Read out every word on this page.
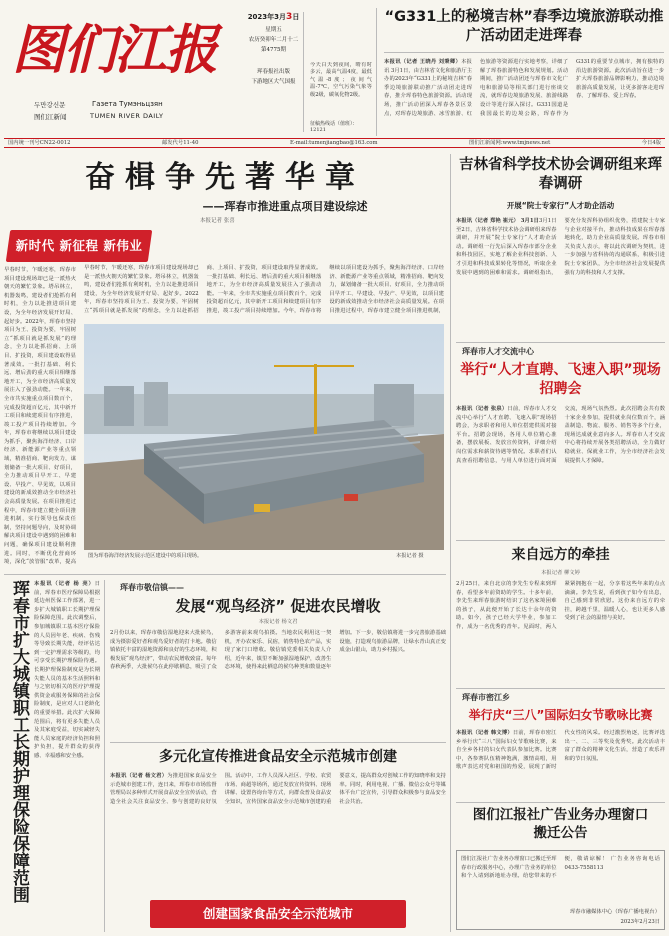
图们江报
두만강신문	Газета Тумэньцзян
图们江新闻	TUMEN RIVER DAILY
2023年3月3日
星期五
农历癸卯年二月十二
第4775期
珲春报社出版
下游地区大气国报
今天白天到夜间，晴有时多云，最高气温4度，最低气温-8度；夜间气温-7℃，空气污染气象等级2级，碳氧化物2级。
征稿热线话（值班）：12121
“G331上的秘境吉林”春季边境旅游联动推广活动团走进珲春
本报讯（记者 王晓丹 刘秉卿）本报讯 3月1日，由吉林省文化和旅游厅主办的2023年“G331上的秘境吉林”春季边境旅游联动推广活动团走进珲春，推介珲春特色旅游资源。活动现场，推广活动团深入珲春各景区景点，对珲春边境旅游、冰雪旅游、红色旅游等资源进行实地考察，详细了解了珲春旅游特色和发展规划。活动期间，推广活动团还与珲春市文化广电和旅游局等相关部门进行座谈交流，就珲春边境旅游发展、旅游线路设计等进行深入探讨。G331国道是我国最长的边境公路，珲春作为G331的重要节点城市，拥有独特的沿边旅游资源。此次活动旨在进一步扩大珲春旅游品牌影响力，推动边境旅游高质量发展，让更多游客走进珲春、了解珲春、爱上珲春。
国内统一刊号CN22-0012	邮发代号11-40	E-mail:tumenjiangbao@163.com	图们江新闻网:www.tmjnews.net	今日4版
奋楫争先著华章
——珲春市推进重点项目建设综述
本报记者 张喜
新时代 新征程 新伟业
早春时节，乍暖还寒，珲春市项目建设现场却已是一派热火朝天的繁忙景象。塔吊林立，机器轰鸣，建设者们抢抓有利时机，全力以赴推进项目建设，为全年经济发展开好局、起好步。2022年，珲春市坚持项目为王、投资为要，牢固树立“抓项目就是抓发展”的理念，全力以赴抓招商、上项目、扩投资，项目建设取得显著成效。一批打基础、利长远、增后劲的重大项目相继落地开工，为全市经济高质量发展注入了强劲动能。一年来，全市共实施重点项目数百个，完成投资超百亿元，其中新开工项目和续建项目有序推进，竣工投产项目持续增加。今年，珲春市将继续以项目建设为抓手，聚焦海洋经济、口岸经济、新能源产业等重点领域，精准招商、靶向发力，谋划储备一批大项目、好项目，全力推动项目早开工、早建设、早投产、早见效，以项目建设的新成效推动全市经济社会高质量发展。在项目推进过程中，珲春市建立健全项目推进机制，实行领导包保责任制，坚持问题导向，及时协调解决项目建设中遇到的困难和问题，确保项目建设顺利推进。同时，不断优化营商环境，深化“放管服”改革，提高
早春时节，乍暖还寒，珲春市项目建设现场却已是一派热火朝天的繁忙景象。塔吊林立，机器轰鸣，建设者们抢抓有利时机，全力以赴推进项目建设，为全年经济发展开好局、起好步。2022年，珲春市坚持项目为王、投资为要，牢固树立“抓项目就是抓发展”的理念，全力以赴抓招商、上项目、扩投资，项目建设取得显著成效。一批打基础、利长远、增后劲的重大项目相继落地开工，为全市经济高质量发展注入了强劲动能。一年来，全市共实施重点项目数百个，完成投资超百亿元，其中新开工项目和续建项目有序推进，竣工投产项目持续增加。今年，珲春市将继续以项目建设为抓手，聚焦海洋经济、口岸经济、新能源产业等重点领域，精准招商、靶向发力，谋划储备一批大项目、好项目，全力推动项目早开工、早建设、早投产、早见效，以项目建设的新成效推动全市经济社会高质量发展。在项目推进过程中，珲春市建立健全项目推进机制，
图为珲春海洋经济发展示范区建设中的项目现场。	本报记者 摄
吉林省科学技术协会调研组来珲春调研
开展“院士专家行”人才助企活动
本报讯（记者 郑艳 崔元） 3月1日3月1日至2日，吉林省科学技术协会调研组来珲春调研，并开展“院士专家行”人才助企活动。调研组一行先后深入珲春市部分企业和科技园区，实地了解企业科技创新、人才引进和科技成果转化等情况，听取企业发展中遇到的困难和需求。调研组指出，要充分发挥科协组织优势，搭建院士专家与企业对接平台，推动科技成果在珲春落地转化，助力企业高质量发展。珲春市相关负责人表示，将以此次调研为契机，进一步加强与省科协的沟通联系，积极引进院士专家团队，为全市经济社会发展提供强有力的科技和人才支撑。
珲春市人才交流中心
举行“人才直聘、飞速入职”现场招聘会
本报讯（记者 张泉）日前，珲春市人才交流中心举行“人才直聘、飞速入职”现场招聘会，为求职者和用人单位搭建供需对接平台。招聘会现场，各用人单位精心准备，摆放展板、发放宣传资料，详细介绍岗位需求和薪资待遇等情况。求职者们认真查看招聘信息，与用人单位进行面对面交流，现场气氛热烈。此次招聘会共有数十家企业参加，提供就业岗位数百个，涵盖制造、物流、服务、销售等多个行业，现场达成就业意向多人。珲春市人才交流中心将持续开展各类招聘活动，全力做好稳就业、保就业工作，为全市经济社会发展提供人才保障。
来自远方的牵挂
本报记者 柳文婷
2月25日，来自北京的李先生专程来到珲春，看望多年前资助的学生。十多年前，李先生来珲春旅游时结识了这名家境困难的孩子，从此便开始了长达十余年的资助。如今，孩子已经大学毕业，参加工作，成为一名优秀的青年。见面时，两人紧紧拥抱在一起，分享着这些年来的点点滴滴。李先生说，看到孩子如今有出息，自己感到非常欣慰。这份来自远方的牵挂，跨越千里，温暖人心，也让更多人感受到了社会的温情与美好。
珲春市密江乡
举行庆“三八”国际妇女节歌咏比赛
本报讯（记者 韩文博）日前，珲春市密江乡举行庆“三八”国际妇女节歌咏比赛，来自全乡各村的妇女代表队参加比赛。比赛中，各参赛队伍精神饱满，激情高唱，用歌声表达对党和祖国的热爱，展现了新时代女性的风采。经过激烈角逐，比赛评选出一、二、三等奖及优秀奖。此次活动丰富了群众的精神文化生活，营造了欢乐祥和的节日氛围。
图们江报社广告业务办理窗口搬迁公告
图们江报社广告业务办理窗口已搬迁至珲春市行政服务中心，办理广告业务的单位和个人请到新地址办理。给您带来的不便，敬请谅解！ 广告业务咨询电话0433-7558113
珲春市融媒体中心（珲春广播电视台）
2023年2月23日
珲春市扩大城镇职工长期护理保险保障范围 本报讯（记者 杨 亮）日前，珲春市医疗保障局根据延边州医保工作部署，进一步扩大城镇职工长期护理保险保障范围。此次调整后，参加城镇职工基本医疗保险的人员因年老、疾病、伤残等导致长期失能，经评估达到一定护理需求等级的，均可享受长期护理保险待遇。长期护理保险制度是为长期失能人员的基本生活照料和与之密切相关的医疗护理提供资金或服务保障的社会保险制度，是应对人口老龄化的重要举措。此次扩大保障范围后，将有更多失能人员及其家庭受益，切实减轻失能人员家庭的经济负担和照护负担，提升群众的获得感、幸福感和安全感。
珲春市敬信镇——
发展“观鸟经济” 促进农民增收
本报记者 杨文君
2月份以来，珲春市敬信湿地迎来大批候鸟，成为摄影爱好者和观鸟爱好者的打卡地。敬信镇依托丰富的湿地资源和良好的生态环境，积极发展“观鸟经济”，带动农民增收致富。每年春秋两季，大批候鸟在此停歇栖息，吸引了众多游客前来观鸟拍摄。当地农民利用这一契机，开办农家乐、民宿，销售特色农产品，实现了家门口增收。敬信镇党委相关负责人介绍，近年来，镇里不断加强湿地保护，改善生态环境，使得来此栖息的候鸟种类和数量逐年增加。下一步，敬信镇将进一步完善旅游基础设施，打造观鸟旅游品牌，让绿水青山真正变成金山银山，助力乡村振兴。
多元化宣传推进食品安全示范城市创建
本报讯（记者 杨文君）为推进国家食品安全示范城市创建工作，连日来，珲春市市场监督管理局以多种形式开展食品安全宣传活动，营造全社会关注食品安全、参与创建的良好氛围。活动中，工作人员深入社区、学校、农贸市场、商超等场所，通过发放宣传资料、现场讲解、设置咨询台等方式，向群众普及食品安全知识，宣传国家食品安全示范城市创建的重要意义，提高群众对创城工作的知晓率和支持率。同时，利用电视、广播、微信公众号等媒体平台广泛宣传，引导群众积极参与食品安全社会共治。
创建国家食品安全示范城市
